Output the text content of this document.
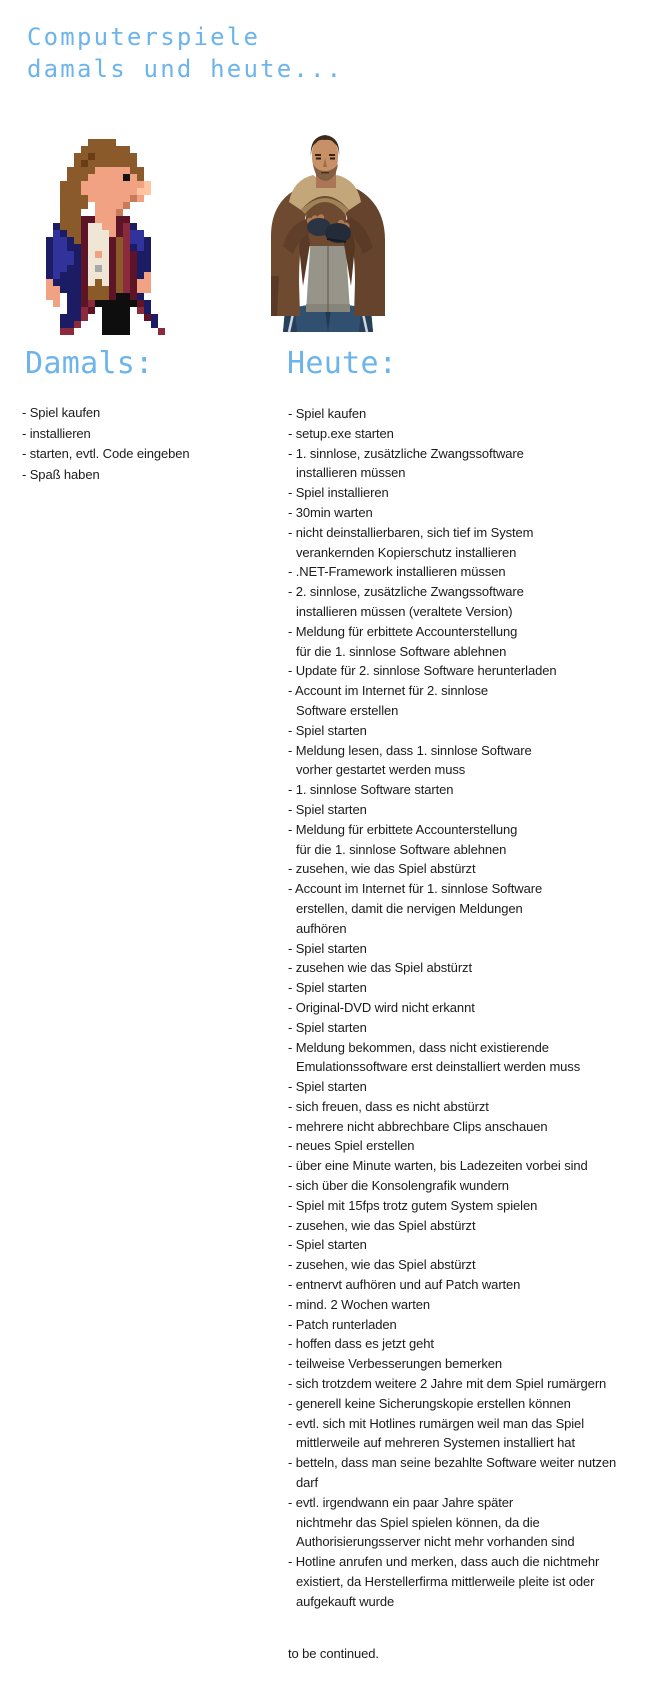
Computerspiele
damals und heute...
Damals:	Heute:
- Spiel kaufen
- installieren
- starten, evtl. Code eingeben
- Spaß haben
- Spiel kaufen
- setup.exe starten
- 1. sinnlose, zusätzliche Zwangssoftware
installieren müssen
- Spiel installieren
- 30min warten
- nicht deinstallierbaren, sich tief im System
verankernden Kopierschutz installieren
- .NET-Framework installieren müssen
- 2. sinnlose, zusätzliche Zwangssoftware
installieren müssen (veraltete Version)
- Meldung für erbittete Accounterstellung
für die 1. sinnlose Software ablehnen
- Update für 2. sinnlose Software herunterladen
- Account im Internet für 2. sinnlose
Software erstellen
- Spiel starten
- Meldung lesen, dass 1. sinnlose Software
vorher gestartet werden muss
- 1. sinnlose Software starten
- Spiel starten
- Meldung für erbittete Accounterstellung
für die 1. sinnlose Software ablehnen
- zusehen, wie das Spiel abstürzt
- Account im Internet für 1. sinnlose Software
erstellen, damit die nervigen Meldungen
aufhören
- Spiel starten
- zusehen wie das Spiel abstürzt
- Spiel starten
- Original-DVD wird nicht erkannt
- Spiel starten
- Meldung bekommen, dass nicht existierende
Emulationssoftware erst deinstalliert werden muss
- Spiel starten
- sich freuen, dass es nicht abstürzt
- mehrere nicht abbrechbare Clips anschauen
- neues Spiel erstellen
- über eine Minute warten, bis Ladezeiten vorbei sind
- sich über die Konsolengrafik wundern
- Spiel mit 15fps trotz gutem System spielen
- zusehen, wie das Spiel abstürzt
- Spiel starten
- zusehen, wie das Spiel abstürzt
- entnervt aufhören und auf Patch warten
- mind. 2 Wochen warten
- Patch runterladen
- hoffen dass es jetzt geht
- teilweise Verbesserungen bemerken
- sich trotzdem weitere 2 Jahre mit dem Spiel rumärgern
- generell keine Sicherungskopie erstellen können
- evtl. sich mit Hotlines rumärgen weil man das Spiel
mittlerweile auf mehreren Systemen installiert hat
- betteln, dass man seine bezahlte Software weiter nutzen
darf
- evtl. irgendwann ein paar Jahre später
nichtmehr das Spiel spielen können, da die
Authorisierungsserver nicht mehr vorhanden sind
- Hotline anrufen und merken, dass auch die nichtmehr
existiert, da Herstellerfirma mittlerweile pleite ist oder
aufgekauft wurde
to be continued.
